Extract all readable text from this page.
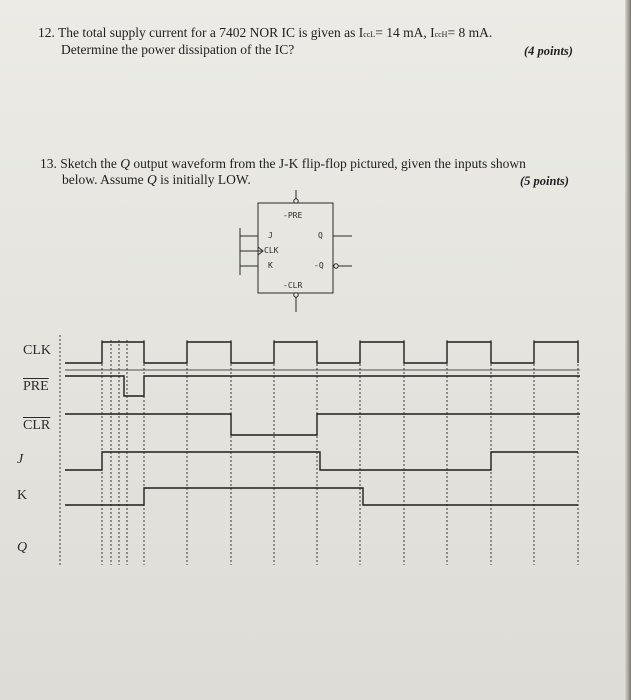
12. The total supply current for a 7402 NOR IC is given as IccL= 14 mA, IccH= 8 mA.
Determine the power dissipation of the IC?	(4 points)
13. Sketch the Q output waveform from the J-K flip-flop pictured, given the inputs shown
below. Assume Q is initially LOW.	(5 points)
-PRE
J	Q
CLK
K	-Q
-CLR
CLK
$\overline{PRE}$
$\overline{CLR}$
J
K
Q
